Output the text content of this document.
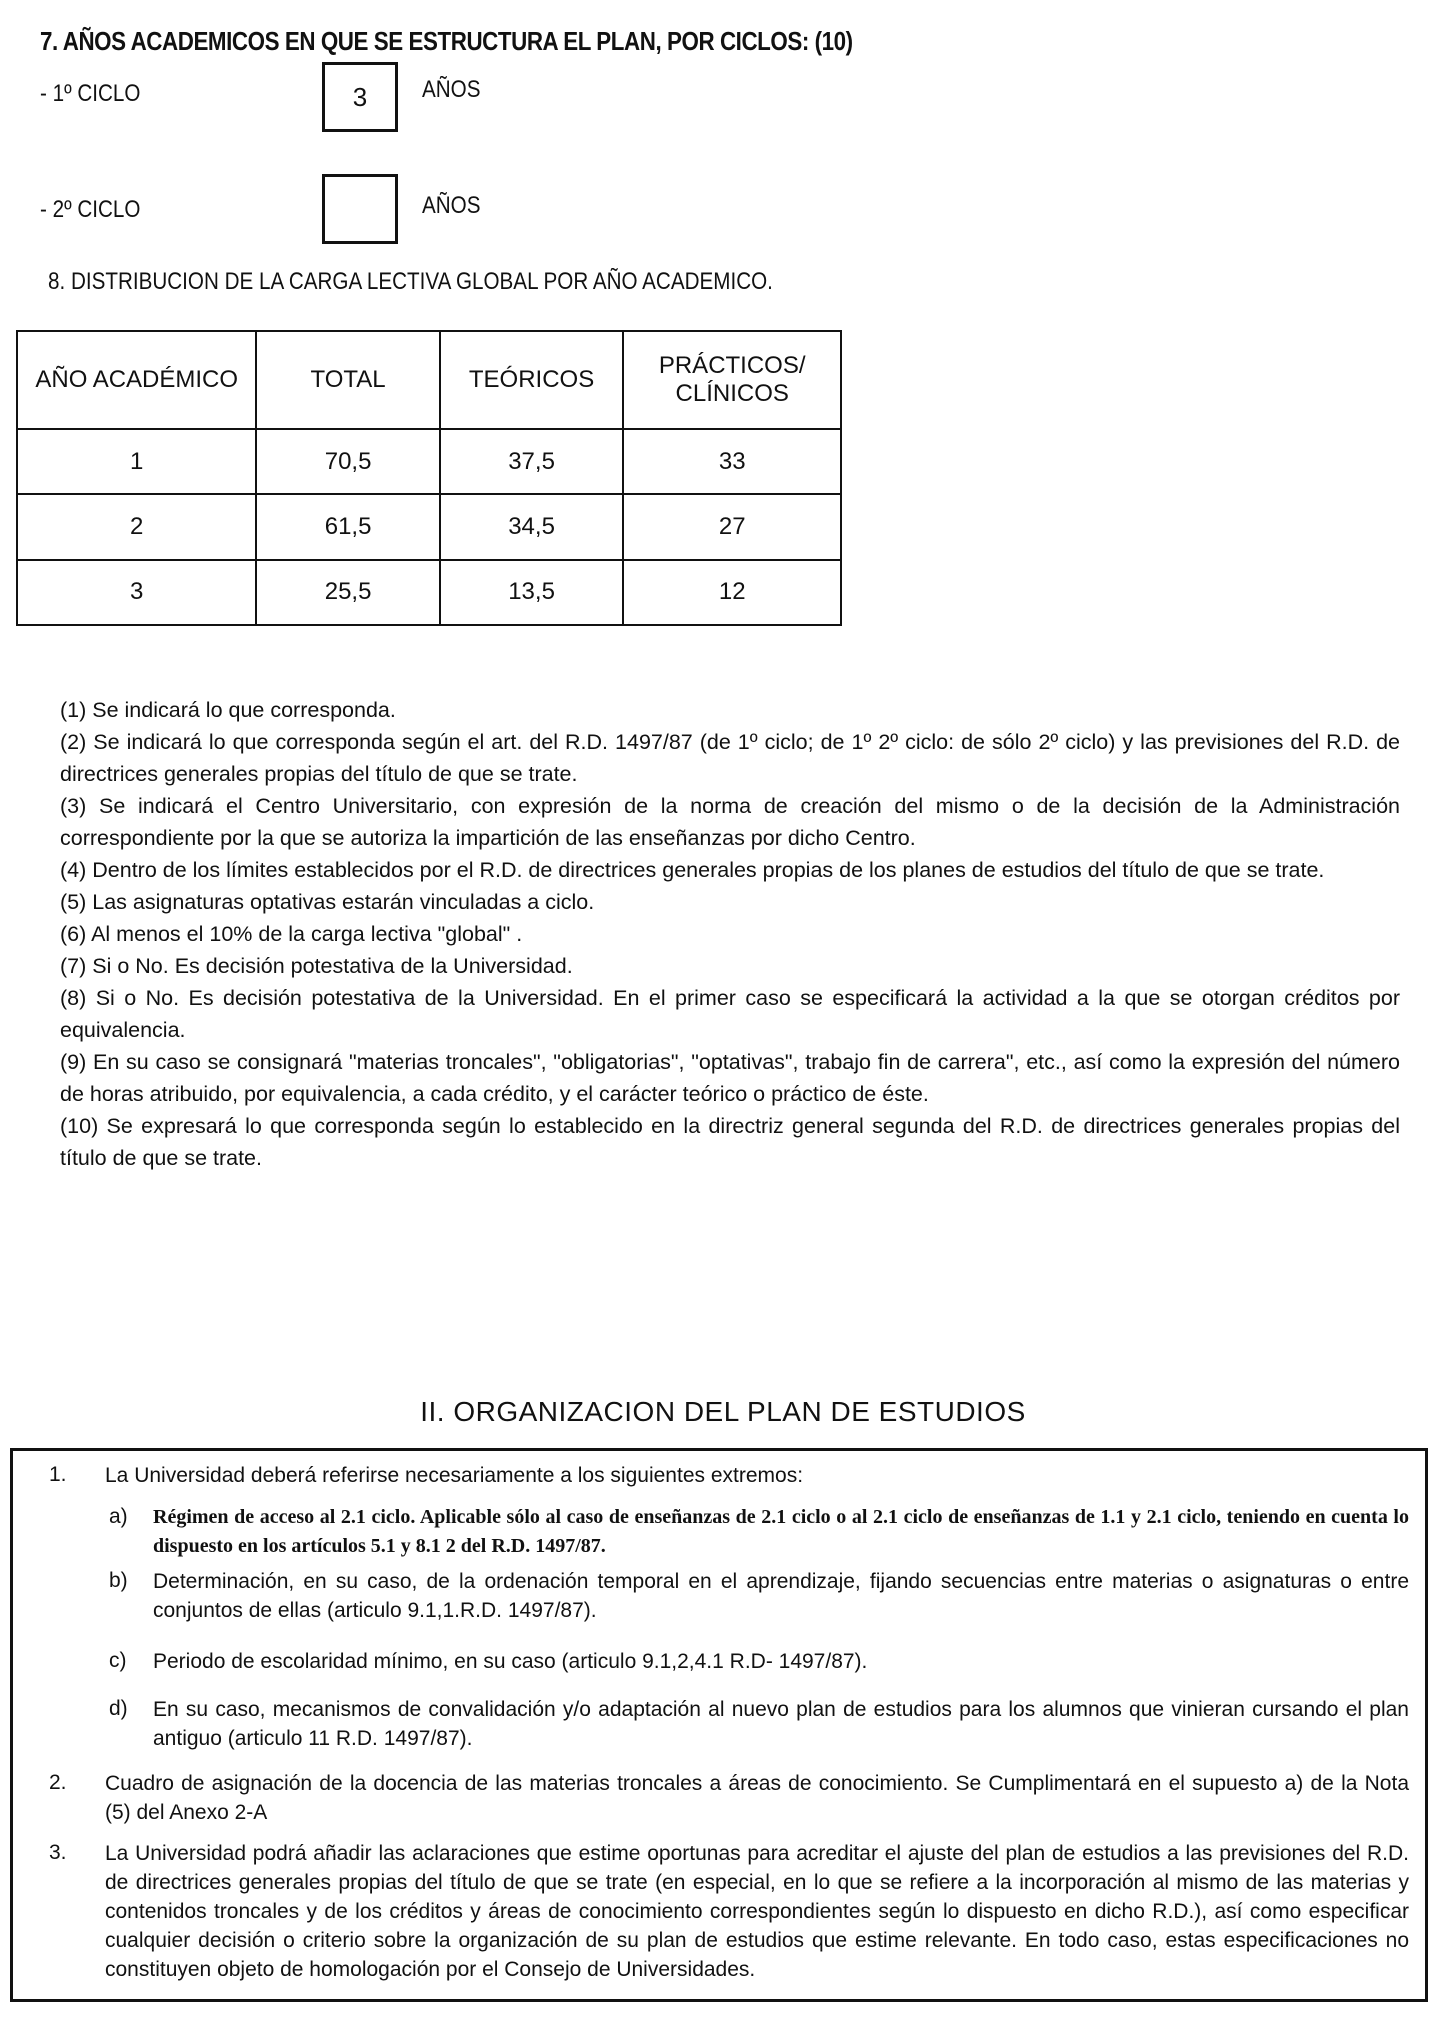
7. AÑOS ACADEMICOS EN QUE SE ESTRUCTURA EL PLAN, POR CICLOS: (10)
- 1º CICLO	3	AÑOS
- 2º CICLO	AÑOS
8. DISTRIBUCION DE LA CARGA LECTIVA GLOBAL POR AÑO ACADEMICO.
AÑO ACADÉMICO	TOTAL	TEÓRICOS	PRÁCTICOS/
CLÍNICOS

1	70,5	37,5	33
2	61,5	34,5	27
3	25,5	13,5	12

(1) Se indicará lo que corresponda.

(2) Se indicará lo que corresponda según el art. del R.D. 1497/87 (de 1º ciclo; de 1º 2º ciclo: de sólo 2º ciclo) y las previsiones del R.D. de directrices generales propias del título de que se trate.

(3) Se indicará el Centro Universitario, con expresión de la norma de creación del mismo o de la decisión de la Administración correspondiente por la que se autoriza la impartición de las enseñanzas por dicho Centro.

(4) Dentro de los límites establecidos por el R.D. de directrices generales propias de los planes de estudios del título de que se trate.

(5) Las asignaturas optativas estarán vinculadas a ciclo.

(6) Al menos el 10% de la carga lectiva "global" .

(7) Si o No. Es decisión potestativa de la Universidad.

(8) Si o No. Es decisión potestativa de la Universidad. En el primer caso se especificará la actividad a la que se otorgan créditos por equivalencia.

(9) En su caso se consignará "materias troncales", "obligatorias", "optativas", trabajo fin de carrera", etc., así como la expresión del número de horas atribuido, por equivalencia, a cada crédito, y el carácter teórico o práctico de éste.

(10) Se expresará lo que corresponda según lo establecido en la directriz general segunda del R.D. de directrices generales propias del título de que se trate.

II. ORGANIZACION DEL PLAN DE ESTUDIOS
1. La Universidad deberá referirse necesariamente a los siguientes extremos:

a) Régimen de acceso al 2.1 ciclo. Aplicable sólo al caso de enseñanzas de 2.1 ciclo o al 2.1 ciclo de enseñanzas de 1.1 y 2.1 ciclo, teniendo en cuenta lo dispuesto en los artículos 5.1 y 8.1 2 del R.D. 1497/87.

b) Determinación, en su caso, de la ordenación temporal en el aprendizaje, fijando secuencias entre materias o asignaturas o entre conjuntos de ellas (articulo 9.1,1.R.D. 1497/87).

c) Periodo de escolaridad mínimo, en su caso (articulo 9.1,2,4.1 R.D- 1497/87).

d) En su caso, mecanismos de convalidación y/o adaptación al nuevo plan de estudios para los alumnos que vinieran cursando el plan antiguo (articulo 11 R.D. 1497/87).

2. Cuadro de asignación de la docencia de las materias troncales a áreas de conocimiento. Se Cumplimentará en el supuesto a) de la Nota (5) del Anexo 2-A

3. La Universidad podrá añadir las aclaraciones que estime oportunas para acreditar el ajuste del plan de estudios a las previsiones del R.D. de directrices generales propias del título de que se trate (en especial, en lo que se refiere a la incorporación al mismo de las materias y contenidos troncales y de los créditos y áreas de conocimiento correspondientes según lo dispuesto en dicho R.D.), así como especificar cualquier decisión o criterio sobre la organización de su plan de estudios que estime relevante. En todo caso, estas especificaciones no constituyen objeto de homologación por el Consejo de Universidades.
